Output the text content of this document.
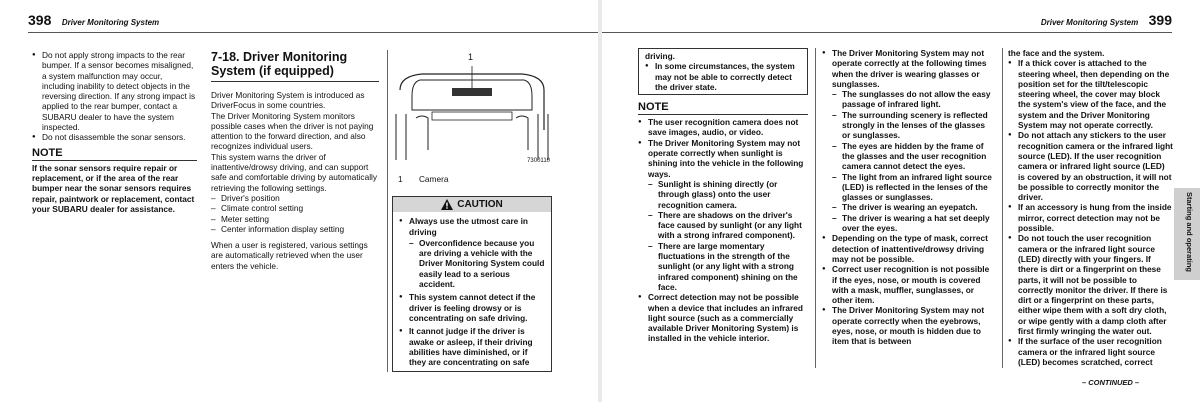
398 Driver Monitoring System
● Do not apply strong impacts to the rear bumper. If a sensor becomes misaligned, a system malfunction may occur, including inability to detect objects in the reversing direction. If any strong impact is applied to the rear bumper, contact a SUBARU dealer to have the system inspected.
● Do not disassemble the sonar sensors.
NOTE

If the sonar sensors require repair or replacement, or if the area of the rear bumper near the sonar sensors requires repair, paintwork or replacement, contact your SUBARU dealer for assistance.

7-18. Driver Monitoring System (if equipped)

Driver Monitoring System is introduced as DriverFocus in some countries.

The Driver Monitoring System monitors possible cases when the driver is not paying attention to the forward direction, and also recognizes individual users.

This system warns the driver of inattentive/drowsy driving, and can support safe and comfortable driving by automatically retrieving the following settings.

– Driver's position
– Climate control setting
– Meter setting
– Center information display setting

When a user is registered, various settings are automatically retrieved when the user enters the vehicle.

1
7300110
1 Camera
CAUTION
● Always use the utmost care in driving
– Overconfidence because you are driving a vehicle with the Driver Monitoring System could easily lead to a serious accident.
● This system cannot detect if the driver is feeling drowsy or is concentrating on safe driving.
● It cannot judge if the driver is awake or asleep, if their driving abilities have diminished, or if they are concentrating on safe
Driver Monitoring System 399

driving.

● In some circumstances, the system may not be able to correctly detect the driver state.
NOTE
● The user recognition camera does not save images, audio, or video.
● The Driver Monitoring System may not operate correctly when sunlight is shining into the vehicle in the following ways.
– Sunlight is shining directly (or through glass) onto the user recognition camera.
– There are shadows on the driver's face caused by sunlight (or any light with a strong infrared component).
– There are large momentary fluctuations in the strength of the sunlight (or any light with a strong infrared component) shining on the face.
● Correct detection may not be possible when a device that includes an infrared light source (such as a commercially available Driver Monitoring System) is installed in the vehicle interior.
● The Driver Monitoring System may not operate correctly at the following times when the driver is wearing glasses or sunglasses.
– The sunglasses do not allow the easy passage of infrared light.
– The surrounding scenery is reflected strongly in the lenses of the glasses or sunglasses.
– The eyes are hidden by the frame of the glasses and the user recognition camera cannot detect the eyes.
– The light from an infrared light source (LED) is reflected in the lenses of the glasses or sunglasses.
– The driver is wearing an eyepatch.
– The driver is wearing a hat set deeply over the eyes.
● Depending on the type of mask, correct detection of inattentive/drowsy driving may not be possible.
● Correct user recognition is not possible if the eyes, nose, or mouth is covered with a mask, muffler, sunglasses, or other item.
● The Driver Monitoring System may not operate correctly when the eyebrows, eyes, nose, or mouth is hidden due to item that is between

the face and the system.

● If a thick cover is attached to the steering wheel, then depending on the position set for the tilt/telescopic steering wheel, the cover may block the system's view of the face, and the system and the Driver Monitoring System may not operate correctly.
● Do not attach any stickers to the user recognition camera or the infrared light source (LED). If the user recognition camera or infrared light source (LED) is covered by an obstruction, it will not be possible to correctly monitor the driver.
● If an accessory is hung from the inside mirror, correct detection may not be possible.
● Do not touch the user recognition camera or the infrared light source (LED) directly with your fingers. If there is dirt or a fingerprint on these parts, it will not be possible to correctly monitor the driver. If there is dirt or a fingerprint on these parts, either wipe them with a soft dry cloth, or wipe gently with a damp cloth after first firmly wringing the water out.
● If the surface of the user recognition camera or the infrared light source (LED) becomes scratched, correct
– CONTINUED –
Starting and operating
